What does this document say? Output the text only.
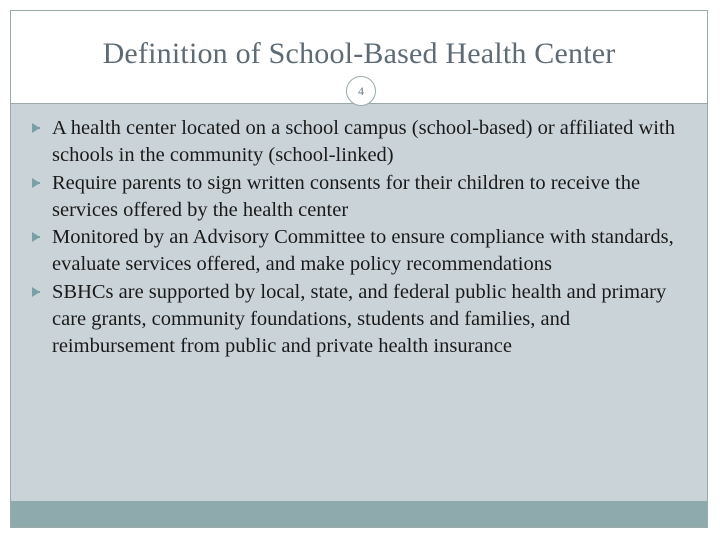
Definition of School-Based Health Center
4
A health center located on a school campus (school-based) or affiliated with schools in the community (school-linked)
Require parents to sign written consents for their children to receive the services offered by the health center
Monitored by an Advisory Committee to ensure compliance with standards, evaluate services offered, and make policy recommendations
SBHCs are supported by local, state, and federal public health and primary care grants, community foundations, students and families, and reimbursement from public and private health insurance
